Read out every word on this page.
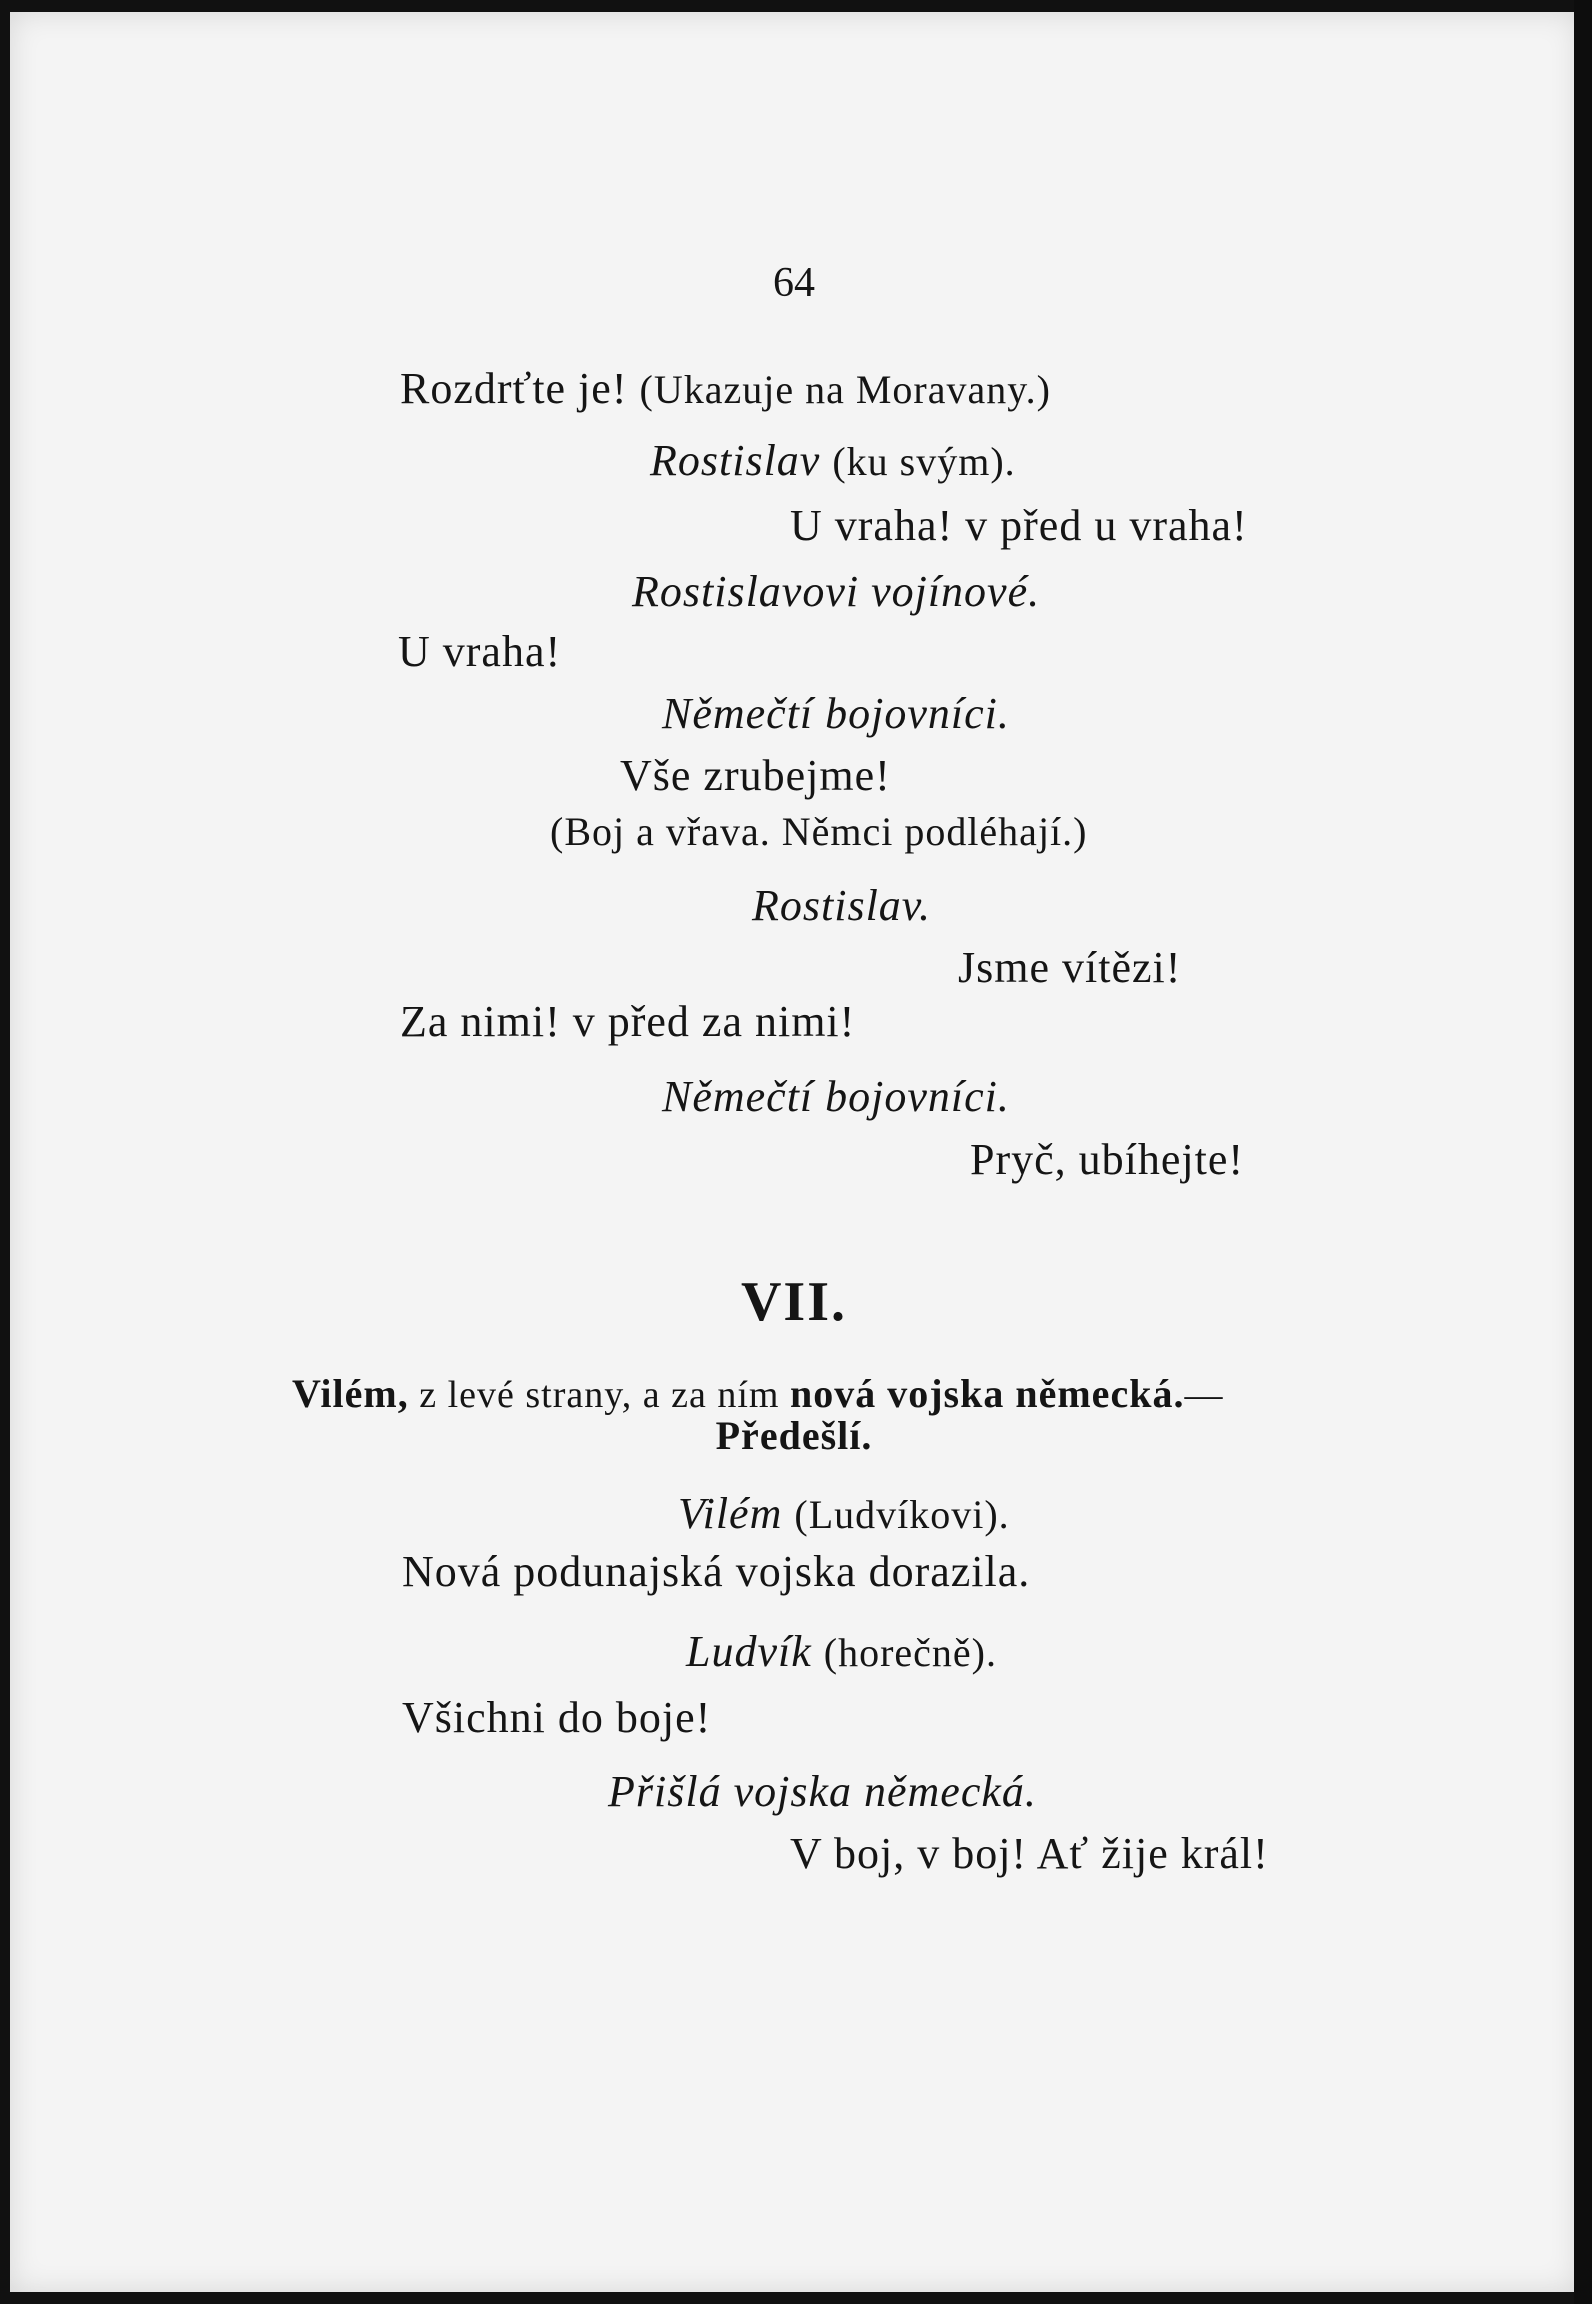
64
Rozdrťte je! (Ukazuje na Moravany.)
Rostislav (ku svým).
U vraha! v před u vraha!
Rostislavovi vojínové.
U vraha!
Němečtí bojovníci.
Vše zrubejme!
(Boj a vřava. Němci podléhají.)
Rostislav.
Jsme vítězi!
Za nimi! v před za nimi!
Němečtí bojovníci.
Pryč, ubíhejte!
VII.
Vilém, z levé strany, a za ním nová vojska německá.—
Předešlí.
Vilém (Ludvíkovi).
Nová podunajská vojska dorazila.
Ludvík (horečně).
Všichni do boje!
Přišlá vojska německá.
V boj, v boj! Ať žije král!
